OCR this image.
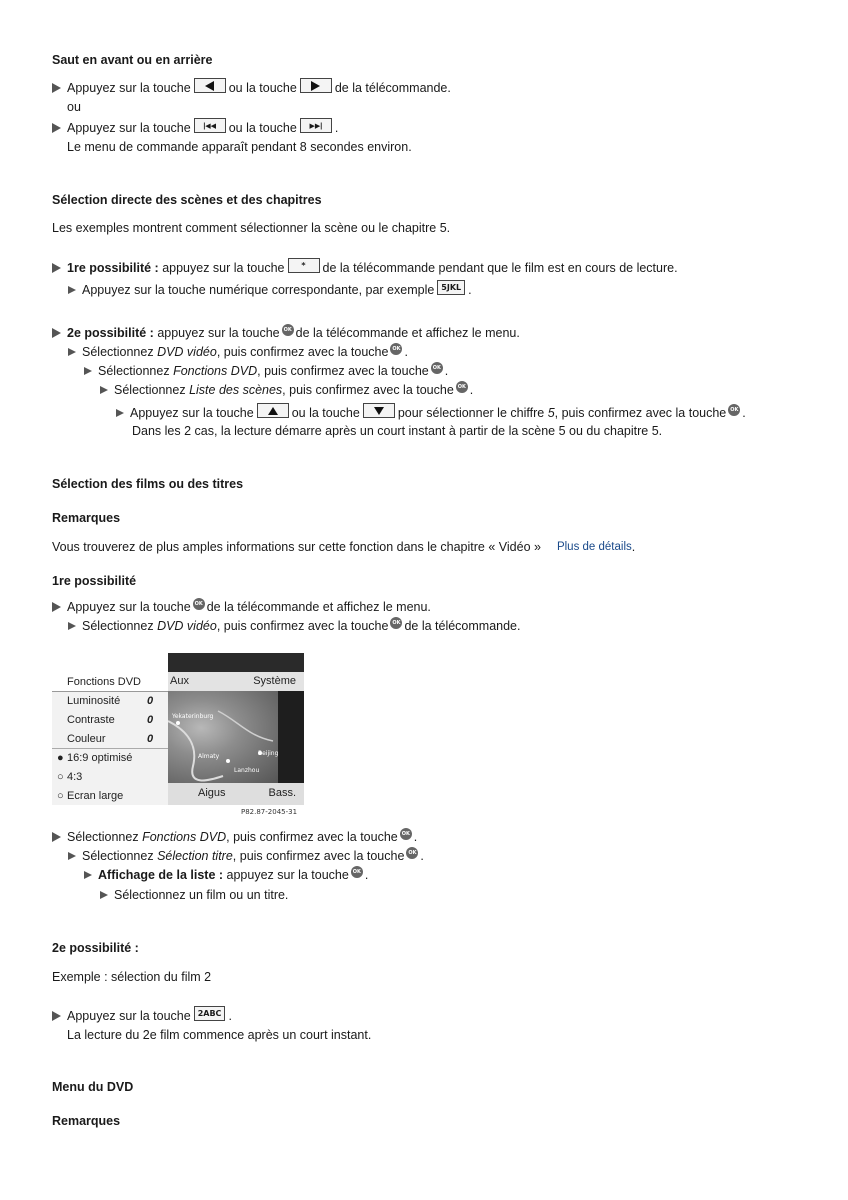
Saut en avant ou en arrière
Appuyez sur la touche	ou la touche	de la télécommande.
ou
Appuyez sur la touche	|◀◀	ou la touche	▶▶|	.
Le menu de commande apparaît pendant 8 secondes environ.
Sélection directe des scènes et des chapitres
Les exemples montrent comment sélectionner la scène ou le chapitre 5.
1re possibilité :
appuyez sur la touche	*	de la télécommande pendant que le film est en cours de lecture.
Appuyez sur la touche numérique correspondante, par exemple 5JKL .
2e possibilité :
appuyez sur la touche OK de la télécommande et affichez le menu.
Sélectionnez
DVD vidéo , puis confirmez avec la touche OK .
Sélectionnez
Fonctions DVD , puis confirmez avec la touche OK .
Sélectionnez
Liste des scènes , puis confirmez avec la touche OK .
Appuyez sur la touche	ou la touche	pour sélectionner le chiffre
5 , puis confirmez avec la touche OK .
Dans les 2 cas, la lecture démarre après un court instant à partir de la scène 5 ou du chapitre 5.
Sélection des films ou des titres
Remarques
Vous trouverez de plus amples informations sur cette fonction dans le chapitre « Vidéo » Plus de détails .
1re possibilité
Appuyez sur la touche OK de la télécommande et affichez le menu.
Sélectionnez
DVD vidéo , puis confirmez avec la touche OK de la télécommande.
Fonctions DVD
Luminosité	0
Contraste	0
Couleur	0
● 16:9 optimisé
○ 4:3
○ Ecran large
Aux	Système
Yekaterinburg
Almaty	Beijing
Lanzhou
Aigus	Bass.
P82.87-2045-31
Sélectionnez
Fonctions DVD , puis confirmez avec la touche OK .
Sélectionnez
Sélection titre , puis confirmez avec la touche OK .
Affichage de la liste :
appuyez sur la touche OK .
Sélectionnez un film ou un titre.
2e possibilité :
Exemple : sélection du film 2
Appuyez sur la touche 2ABC .
La lecture du 2e film commence après un court instant.
Menu du DVD
Remarques
